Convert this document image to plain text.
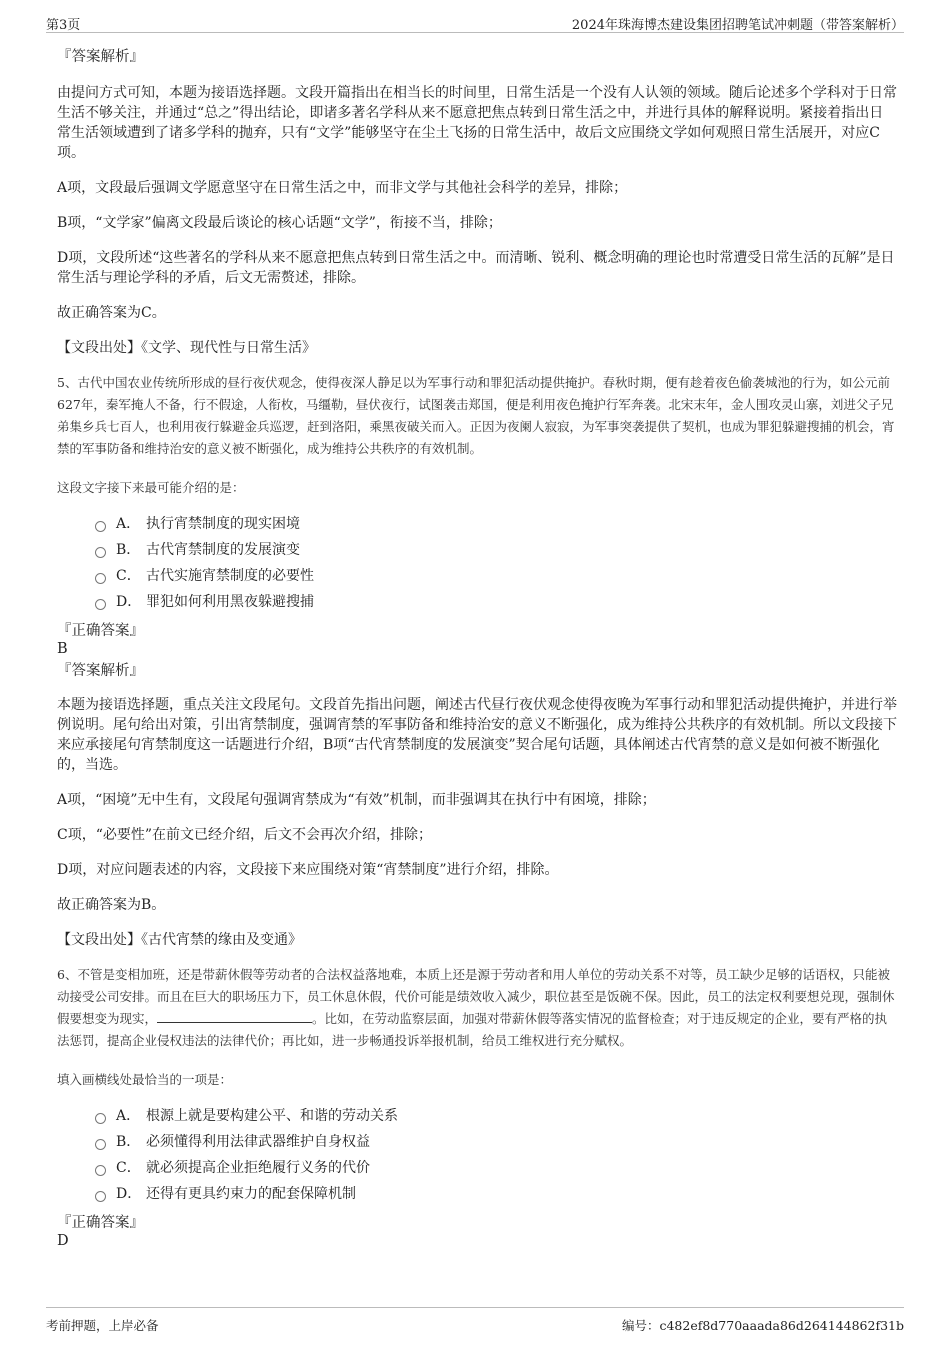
第3页	2024年珠海博杰建设集团招聘笔试冲刺题（带答案解析）

『答案解析』

由提问方式可知，本题为接语选择题。文段开篇指出在相当长的时间里，日常生活是一个没有人认领的领域。随后论述多个学科对于日常生活不够关注，并通过“总之”得出结论，即诸多著名学科从来不愿意把焦点转到日常生活之中，并进行具体的解释说明。紧接着指出日常生活领域遭到了诸多学科的抛弃，只有“文学”能够坚守在尘土飞扬的日常生活中，故后文应围绕文学如何观照日常生活展开，对应C项。

A项，文段最后强调文学愿意坚守在日常生活之中，而非文学与其他社会科学的差异，排除；

B项，“文学家”偏离文段最后谈论的核心话题“文学”，衔接不当，排除；

D项，文段所述“这些著名的学科从来不愿意把焦点转到日常生活之中。而清晰、锐利、概念明确的理论也时常遭受日常生活的瓦解”是日常生活与理论学科的矛盾，后文无需赘述，排除。

故正确答案为C。

【文段出处】《文学、现代性与日常生活》

5、古代中国农业传统所形成的昼行夜伏观念，使得夜深人静足以为军事行动和罪犯活动提供掩护。春秋时期，便有趁着夜色偷袭城池的行为，如公元前627年，秦军掩人不备，行不假途，人衔枚，马缰勒，昼伏夜行，试图袭击郑国，便是利用夜色掩护行军奔袭。北宋末年，金人围攻灵山寨，刘进父子兄弟集乡兵七百人，也利用夜行躲避金兵巡逻，赶到洛阳，乘黑夜破关而入。正因为夜阑人寂寂，为军事突袭提供了契机，也成为罪犯躲避搜捕的机会，宵禁的军事防备和维持治安的意义被不断强化，成为维持公共秩序的有效机制。

这段文字接下来最可能介绍的是：

A． 执行宵禁制度的现实困境
B． 古代宵禁制度的发展演变
C． 古代实施宵禁制度的必要性
D． 罪犯如何利用黑夜躲避搜捕

『正确答案』

B

『答案解析』

本题为接语选择题，重点关注文段尾句。文段首先指出问题，阐述古代昼行夜伏观念使得夜晚为军事行动和罪犯活动提供掩护，并进行举例说明。尾句给出对策，引出宵禁制度，强调宵禁的军事防备和维持治安的意义不断强化，成为维持公共秩序的有效机制。所以文段接下来应承接尾句宵禁制度这一话题进行介绍，B项“古代宵禁制度的发展演变”契合尾句话题，具体阐述古代宵禁的意义是如何被不断强化的，当选。

A项，“困境”无中生有，文段尾句强调宵禁成为“有效”机制，而非强调其在执行中有困境，排除；

C项，“必要性”在前文已经介绍，后文不会再次介绍，排除；

D项，对应问题表述的内容，文段接下来应围绕对策“宵禁制度”进行介绍，排除。

故正确答案为B。

【文段出处】《古代宵禁的缘由及变通》

6、不管是变相加班，还是带薪休假等劳动者的合法权益落地难，本质上还是源于劳动者和用人单位的劳动关系不对等，员工缺少足够的话语权，只能被动接受公司安排。而且在巨大的职场压力下，员工休息休假，代价可能是绩效收入减少，职位甚至是饭碗不保。因此，员工的法定权利要想兑现，强制休假要想变为现实，	。比如，在劳动监察层面，加强对带薪休假等落实情况的监督检查；对于违反规定的企业，要有严格的执法惩罚，提高企业侵权违法的法律代价；再比如，进一步畅通投诉举报机制，给员工维权进行充分赋权。

填入画横线处最恰当的一项是：

A． 根源上就是要构建公平、和谐的劳动关系
B． 必须懂得利用法律武器维护自身权益
C． 就必须提高企业拒绝履行义务的代价
D． 还得有更具约束力的配套保障机制

『正确答案』

D

考前押题，上岸必备	编号：c482ef8d770aaada86d264144862f31b
